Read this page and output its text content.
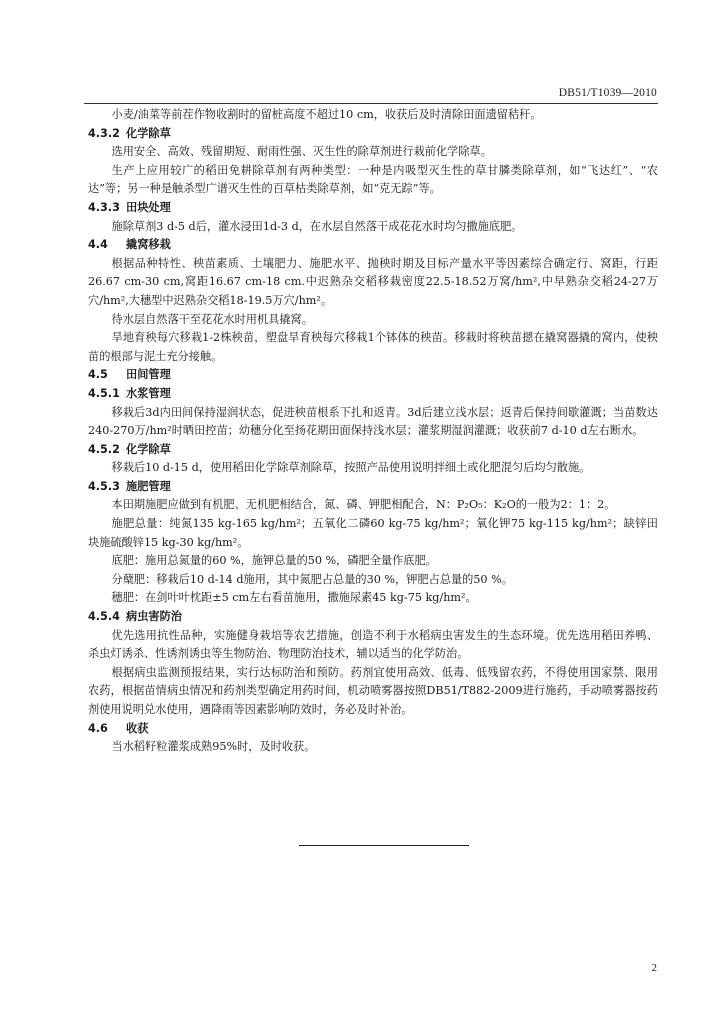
DB51/T1039—2010

小麦/油菜等前茬作物收割时的留桩高度不超过10 cm，收获后及时清除田面遗留秸秆。

4.3.2 化学除草

选用安全、高效、残留期短、耐雨性强、灭生性的除草剂进行栽前化学除草。

生产上应用较广的稻田免耕除草剂有两种类型：一种是内吸型灭生性的草甘膦类除草剂，如“飞达红”、“农达”等；另一种是触杀型广谱灭生性的百草枯类除草剂，如“克无踪”等。

4.3.3 田块处理

施除草剂3 d-5 d后，灌水浸田1d-3 d，在水层自然落干成花花水时均匀撒施底肥。

4.4 撬窝移栽

根据品种特性、秧苗素质、土壤肥力、施肥水平、抛秧时期及目标产量水平等因素综合确定行、窝距，行距26.67 cm-30 cm,窝距16.67 cm-18 cm.中迟熟杂交稻移栽密度22.5-18.52万窝/hm²,中早熟杂交稻24-27万穴/hm²,大穗型中迟熟杂交稻18-19.5万穴/hm²。

待水层自然落干至花花水时用机具撬窝。

旱地育秧每穴移栽1-2株秧苗，塑盘旱育秧每穴移栽1个钵体的秧苗。移栽时将秧苗摁在撬窝器撬的窝内，使秧苗的根部与泥土充分接触。

4.5 田间管理

4.5.1 水浆管理

移栽后3d内田间保持湿润状态，促进秧苗根系下扎和返青。3d后建立浅水层；返青后保持间歇灌溉；当苗数达240-270万/hm²时晒田控苗；幼穗分化至扬花期田面保持浅水层；灌浆期湿润灌溉；收获前7 d-10 d左右断水。

4.5.2 化学除草

移栽后10 d-15 d，使用稻田化学除草剂除草，按照产品使用说明拌细土或化肥混匀后均匀散施。

4.5.3 施肥管理

本田期施肥应做到有机肥、无机肥相结合，氮、磷、钾肥相配合，N：P₂O₅：K₂O的一般为2：1：2。

施肥总量：纯氮135 kg-165 kg/hm²；五氧化二磷60 kg-75 kg/hm²；氧化钾75 kg-115 kg/hm²；缺锌田块施硫酸锌15 kg-30 kg/hm²。

底肥：施用总氮量的60 %，施钾总量的50 %，磷肥全量作底肥。

分蘖肥：移栽后10 d-14 d施用，其中氮肥占总量的30 %，钾肥占总量的50 %。

穗肥：在剑叶叶枕距±5 cm左右看苗施用，撒施尿素45 kg-75 kg/hm²。

4.5.4 病虫害防治

优先选用抗性品种，实施健身栽培等农艺措施，创造不利于水稻病虫害发生的生态环境。优先选用稻田养鸭、杀虫灯诱杀、性诱剂诱虫等生物防治、物理防治技术，辅以适当的化学防治。

根据病虫监测预报结果，实行达标防治和预防。药剂宜使用高效、低毒、低残留农药，不得使用国家禁、限用农药，根据苗情病虫情况和药剂类型确定用药时间，机动喷雾器按照DB51/T882-2009进行施药，手动喷雾器按药剂使用说明兑水使用，遇降雨等因素影响防效时，务必及时补治。

4.6 收获

当水稻籽粒灌浆成熟95%时，及时收获。

2
